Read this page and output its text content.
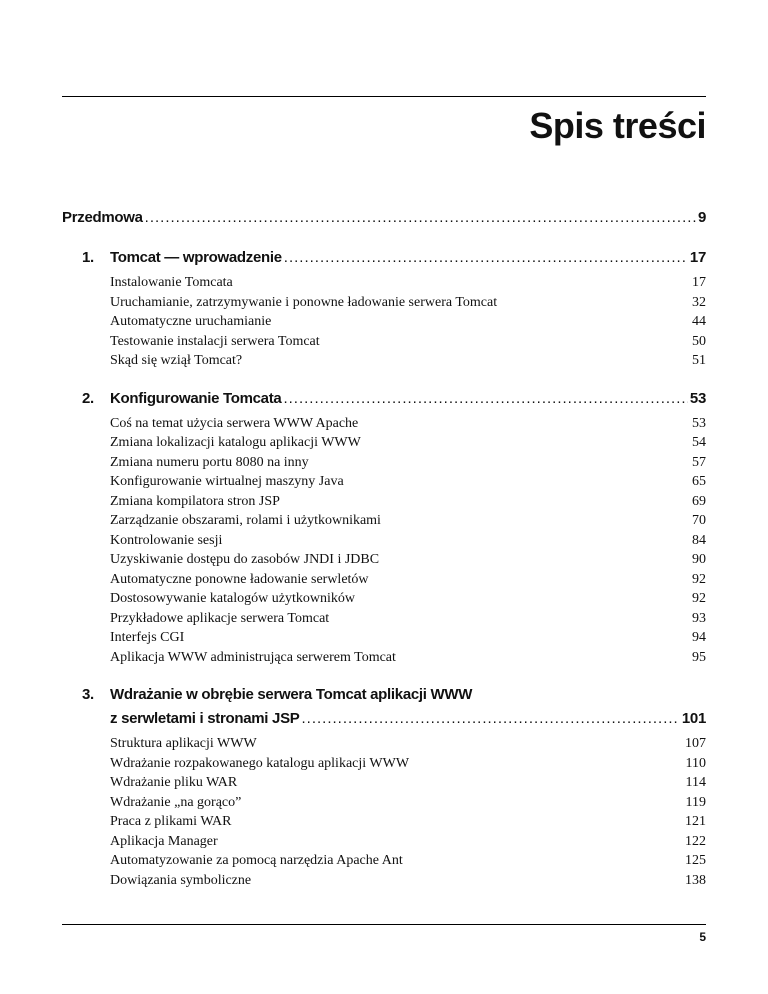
Spis treści
Przedmowa .....	9
1.	Tomcat — wprowadzenie .....	17
Instalowanie Tomcata	17
Uruchamianie, zatrzymywanie i ponowne ładowanie serwera Tomcat	32
Automatyczne uruchamianie	44
Testowanie instalacji serwera Tomcat	50
Skąd się wziął Tomcat?	51
2.	Konfigurowanie Tomcata .....	53
Coś na temat użycia serwera WWW Apache	53
Zmiana lokalizacji katalogu aplikacji WWW	54
Zmiana numeru portu 8080 na inny	57
Konfigurowanie wirtualnej maszyny Java	65
Zmiana kompilatora stron JSP	69
Zarządzanie obszarami, rolami i użytkownikami	70
Kontrolowanie sesji	84
Uzyskiwanie dostępu do zasobów JNDI i JDBC	90
Automatyczne ponowne ładowanie serwletów	92
Dostosowywanie katalogów użytkowników	92
Przykładowe aplikacje serwera Tomcat	93
Interfejs CGI	94
Aplikacja WWW administrująca serwerem Tomcat	95
3.	Wdrażanie w obrębie serwera Tomcat aplikacji WWW
z serwletami i stronami JSP .....	101
Struktura aplikacji WWW	107
Wdrażanie rozpakowanego katalogu aplikacji WWW	110
Wdrażanie pliku WAR	114
Wdrażanie „na gorąco”	119
Praca z plikami WAR	121
Aplikacja Manager	122
Automatyzowanie za pomocą narzędzia Apache Ant	125
Dowiązania symboliczne	138
5
